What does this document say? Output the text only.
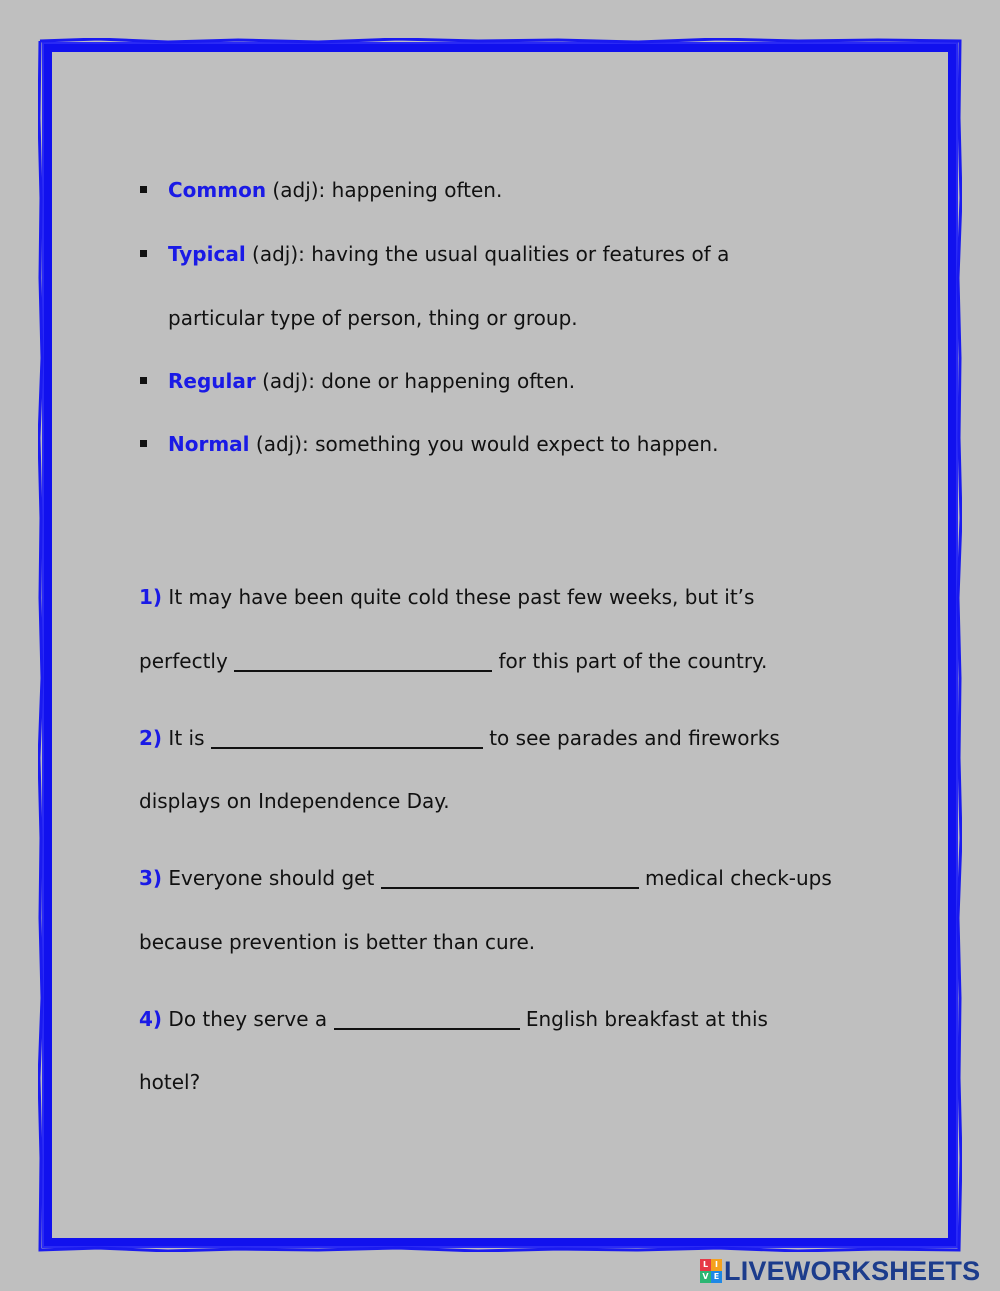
Common (adj): happening often.
Typical (adj): having the usual qualities or features of a
particular type of person, thing or group.
Regular (adj): done or happening often.
Normal (adj): something you would expect to happen.
1) It may have been quite cold these past few weeks, but it’s
perfectly	for this part of the country.
2) It is	to see parades and fireworks
displays on Independence Day.
3) Everyone should get	medical check-ups
because prevention is better than cure.
4) Do they serve a	English breakfast at this
hotel?
L I
V E LIVEWORKSHEETS
